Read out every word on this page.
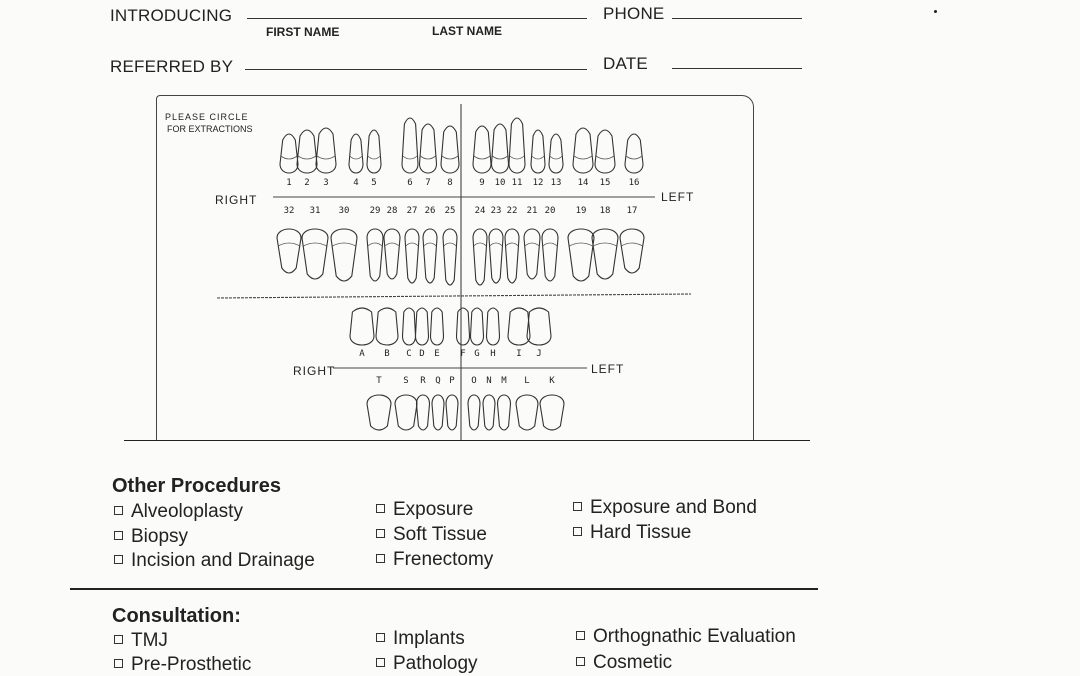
INTRODUCING
FIRST NAME	LAST NAME
PHONE
REFERRED BY	DATE
PLEASE CIRCLE
FOR EXTRACTIONS
RIGHT	LEFT
RIGHT	LEFT
1	2	3	4	5	6	7	8	9	10 11 12 13 14 15 16
32 31 30 29 28 27 26 25 24 23 22 21 20 19 18 17
A	B	C D	E	F G	H	I	J
T	S	R	Q P	O	N	M	L	K
Other Procedures
Alveoloplasty
Biopsy
Incision and Drainage
Exposure
Soft Tissue
Frenectomy
Exposure and Bond
Hard Tissue
Consultation:
TMJ
Pre-Prosthetic
Implants
Pathology
Orthognathic Evaluation
Cosmetic
